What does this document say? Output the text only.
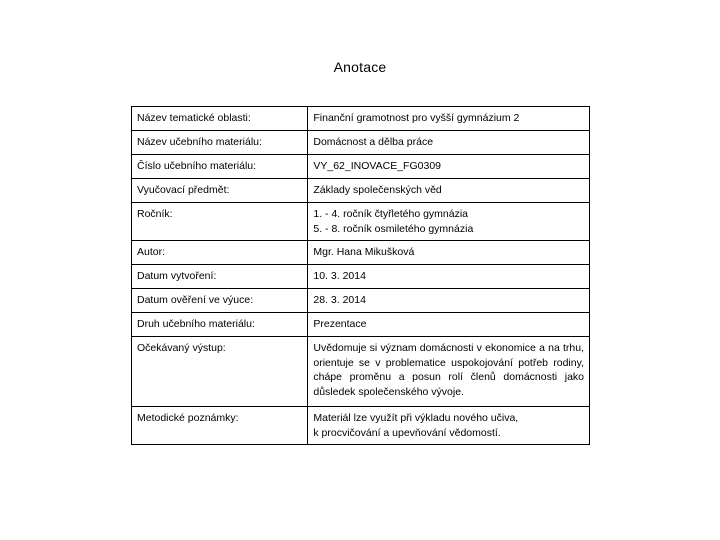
Anotace
Název tematické oblasti:	Finanční gramotnost pro vyšší gymnázium 2

Název učebního materiálu:	Domácnost a dělba práce

Číslo učebního materiálu:	VY_62_INOVACE_FG0309

Vyučovací předmět:	Základy společenských věd

Ročník:	1. - 4. ročník čtyřletého gymnázia
5. - 8. ročník osmiletého gymnázia

Autor:	Mgr. Hana Mikušková

Datum vytvoření:	10. 3. 2014

Datum ověření ve výuce:	28. 3. 2014

Druh učebního materiálu:	Prezentace

Očekávaný výstup:	Uvědomuje si význam domácnosti v ekonomice a na trhu, orientuje se v problematice uspokojování potřeb rodiny, chápe proměnu a posun rolí členů domácnosti jako důsledek společenského vývoje.

Metodické poznámky:	Materiál lze využít při výkladu nového učiva,
k procvičování a upevňování vědomostí.
